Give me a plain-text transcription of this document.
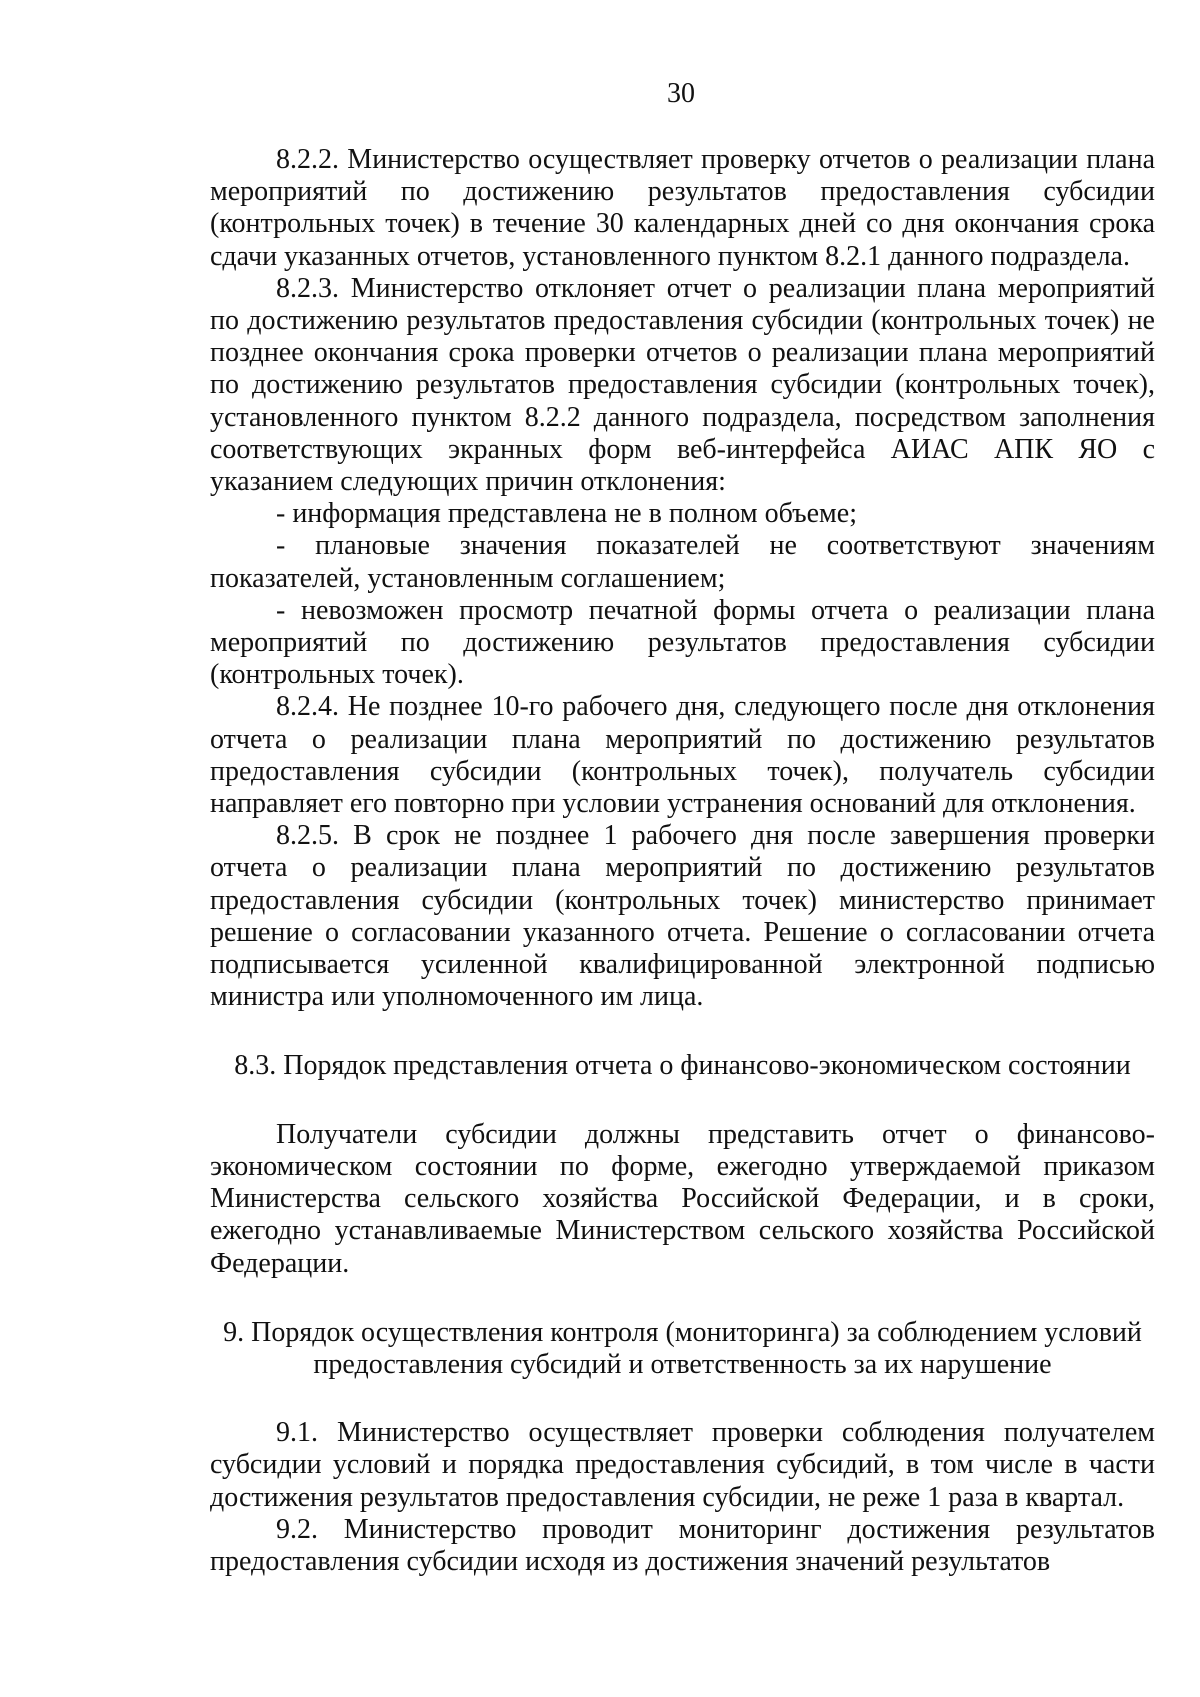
30

8.2.2. Министерство осуществляет проверку отчетов о реализации плана мероприятий по достижению результатов предоставления субсидии (контрольных точек) в течение 30 календарных дней со дня окончания срока сдачи указанных отчетов, установленного пунктом 8.2.1 данного подраздела.

8.2.3. Министерство отклоняет отчет о реализации плана мероприятий по достижению результатов предоставления субсидии (контрольных точек) не позднее окончания срока проверки отчетов о реализации плана мероприятий по достижению результатов предоставления субсидии (контрольных точек), установленного пунктом 8.2.2 данного подраздела, посредством заполнения соответствующих экранных форм веб-интерфейса АИАС АПК ЯО с указанием следующих причин отклонения:

- информация представлена не в полном объеме;

- плановые значения показателей не соответствуют значениям показателей, установленным соглашением;

- невозможен просмотр печатной формы отчета о реализации плана мероприятий по достижению результатов предоставления субсидии (контрольных точек).

8.2.4. Не позднее 10-го рабочего дня, следующего после дня отклонения отчета о реализации плана мероприятий по достижению результатов предоставления субсидии (контрольных точек), получатель субсидии направляет его повторно при условии устранения оснований для отклонения.

8.2.5. В срок не позднее 1 рабочего дня после завершения проверки отчета о реализации плана мероприятий по достижению результатов предоставления субсидии (контрольных точек) министерство принимает решение о согласовании указанного отчета. Решение о согласовании отчета подписывается усиленной квалифицированной электронной подписью министра или уполномоченного им лица.

8.3. Порядок представления отчета о финансово-экономическом состоянии

Получатели субсидии должны представить отчет о финансово-экономическом состоянии по форме, ежегодно утверждаемой приказом Министерства сельского хозяйства Российской Федерации, и в сроки, ежегодно устанавливаемые Министерством сельского хозяйства Российской Федерации.

9. Порядок осуществления контроля (мониторинга) за соблюдением условий предоставления субсидий и ответственность за их нарушение

9.1. Министерство осуществляет проверки соблюдения получателем субсидии условий и порядка предоставления субсидий, в том числе в части достижения результатов предоставления субсидии, не реже 1 раза в квартал.

9.2. Министерство проводит мониторинг достижения результатов предоставления субсидии исходя из достижения значений результатов
